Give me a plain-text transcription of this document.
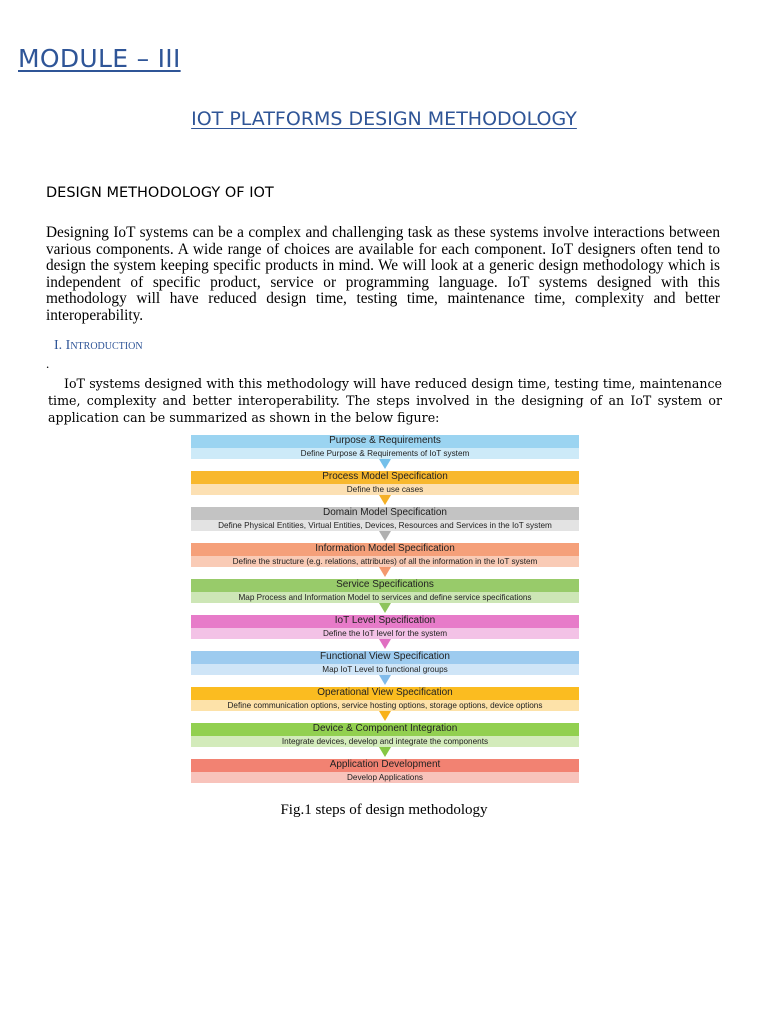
MODULE – III
IOT PLATFORMS DESIGN METHODOLOGY
DESIGN METHODOLOGY OF IOT
Designing IoT systems can be a complex and challenging task as these systems involve interactions between various components. A wide range of choices are available for each component. IoT designers often tend to design the system keeping specific products in mind. We will look at a generic design methodology which is independent of specific product, service or programming language. IoT systems designed with this methodology will have reduced design time, testing time, maintenance time, complexity and better interoperability.
I. Introduction
.
IoT systems designed with this methodology will have reduced design time, testing time, maintenance time, complexity and better interoperability. The steps involved in the designing of an IoT system or application can be summarized as shown in the below figure:
Purpose & Requirements
Define Purpose & Requirements of IoT system
Process Model Specification
Define the use cases
Domain Model Specification
Define Physical Entities, Virtual Entities, Devices, Resources and Services in the IoT system
Information Model Specification
Define the structure (e.g. relations, attributes) of all the information in the IoT system
Service Specifications
Map Process and Information Model to services and define service specifications
IoT Level Specification
Define the IoT level for the system
Functional View Specification
Map IoT Level to functional groups
Operational View Specification
Define communication options, service hosting options, storage options, device options
Device & Component Integration
Integrate devices, develop and integrate the components
Application Development
Develop Applications
Fig.1 steps of design methodology
